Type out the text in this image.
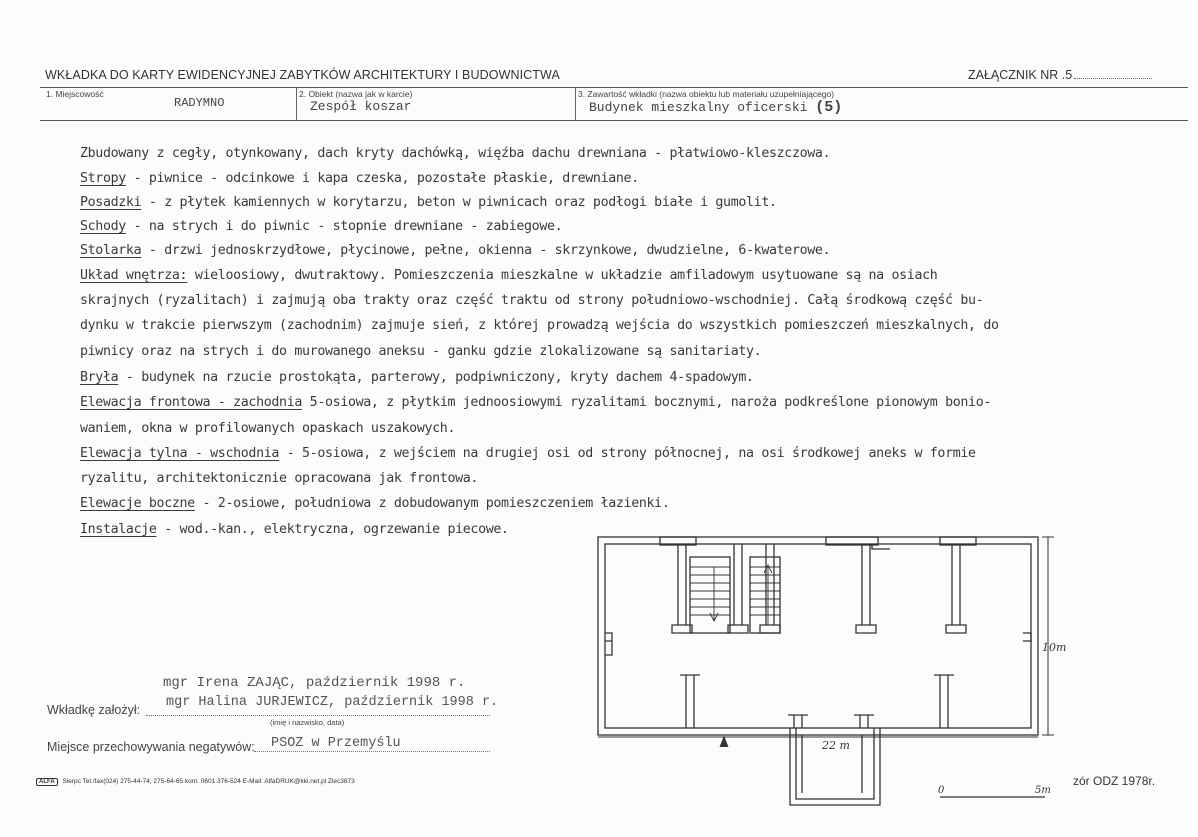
WKŁADKA DO KARTY EWIDENCYJNEJ ZABYTKÓW ARCHITEKTURY I BUDOWNICTWA	ZAŁĄCZNIK NR .5
1. Miejscowość
RADYMNO
2. Obiekt (nazwa jak w karcie)
Zespół koszar
3. Zawartość wkładki (nazwa obiektu lub materiału uzupełniającego)
Budynek mieszkalny oficerski (5)
Zbudowany z cegły, otynkowany, dach kryty dachówką, więźba dachu drewniana - płatwiowo-kleszczowa.
Stropy - piwnice - odcinkowe i kapa czeska, pozostałe płaskie, drewniane.
Posadzki - z płytek kamiennych w korytarzu, beton w piwnicach oraz podłogi białe i gumolit.
Schody - na strych i do piwnic - stopnie drewniane - zabiegowe.
Stolarka - drzwi jednoskrzydłowe, płycinowe, pełne, okienna - skrzynkowe, dwudzielne, 6-kwaterowe.
Układ wnętrza: wieloosiowy, dwutraktowy. Pomieszczenia mieszkalne w układzie amfiladowym usytuowane są na osiach
skrajnych (ryzalitach) i zajmują oba trakty oraz część traktu od strony południowo-wschodniej. Całą środkową część bu-
dynku w trakcie pierwszym (zachodnim) zajmuje sień, z której prowadzą wejścia do wszystkich pomieszczeń mieszkalnych, do
piwnicy oraz na strych i do murowanego aneksu - ganku gdzie zlokalizowane są sanitariaty.
Bryła - budynek na rzucie prostokąta, parterowy, podpiwniczony, kryty dachem 4-spadowym.
Elewacja frontowa - zachodnia 5-osiowa, z płytkim jednoosiowymi ryzalitami bocznymi, naroża podkreślone pionowym bonio-
waniem, okna w profilowanych opaskach uszakowych.
Elewacja tylna - wschodnia - 5-osiowa, z wejściem na drugiej osi od strony północnej, na osi środkowej aneks w formie
ryzalitu, architektonicznie opracowana jak frontowa.
Elewacje boczne - 2-osiowe, południowa z dobudowanym pomieszczeniem łazienki.
Instalacje - wod.-kan., elektryczna, ogrzewanie piecowe.
mgr Irena ZAJĄC, październik 1998 r.
Wkładkę założył: mgr Halina JURJEWICZ, październik 1998 r.
(imię i nazwisko, data)
Miejsce przechowywania negatywów: PSOZ w Przemyślu
ALFA Sierpc Tel./fax(024) 275-44-74; 275-64-65 kom. 0601 376-524 E-Mail: AlfaDRUK@kki.net.pl Zlec3873	zór ODZ 1978r.
22 m
10m
0	5m
